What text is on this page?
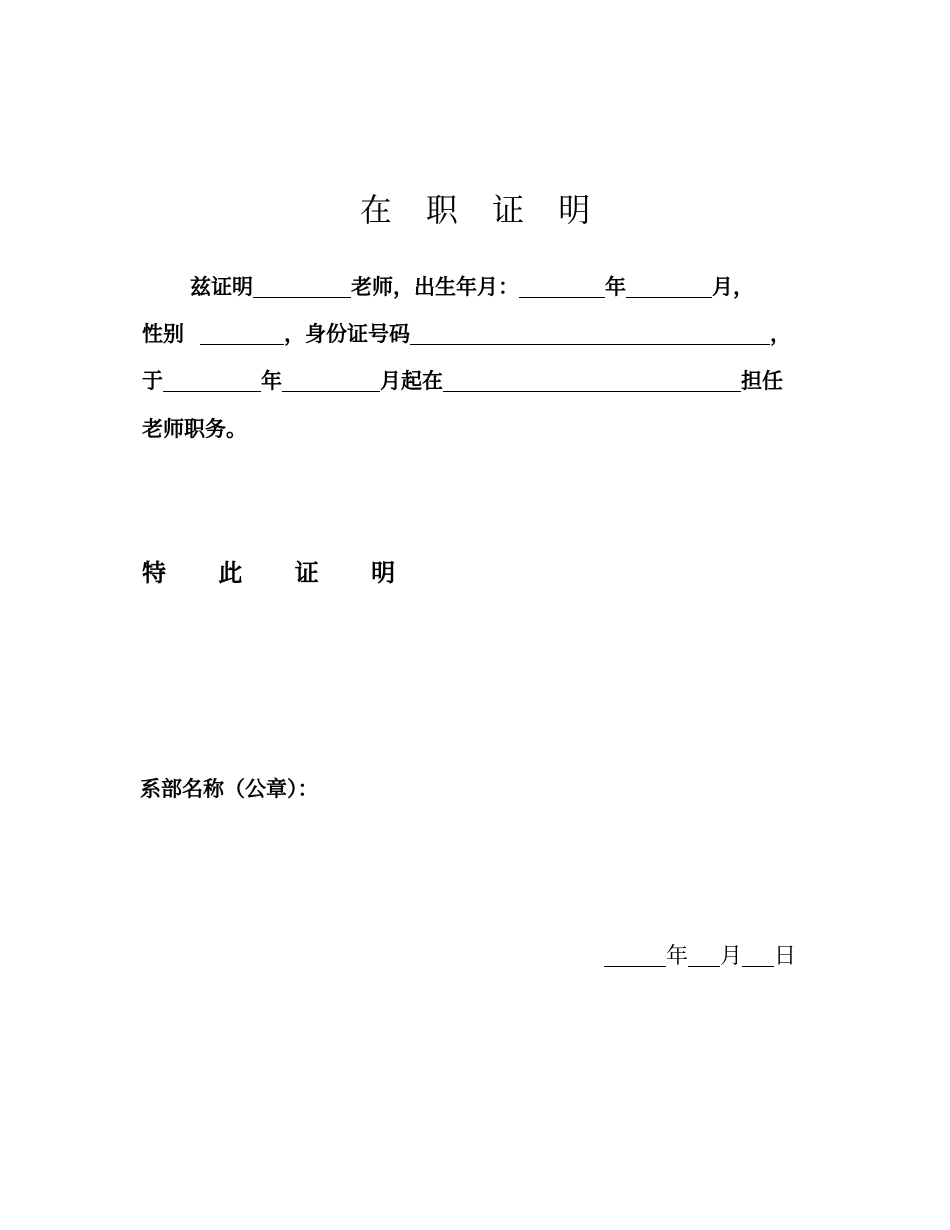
在 职 证 明
兹证明	老师，出生年月：	年	月，
性别	，身份证号码	，
于	年	月起在	担任
老师职务。
特 此 证 明
系部名称（公章）：
年 月 日
